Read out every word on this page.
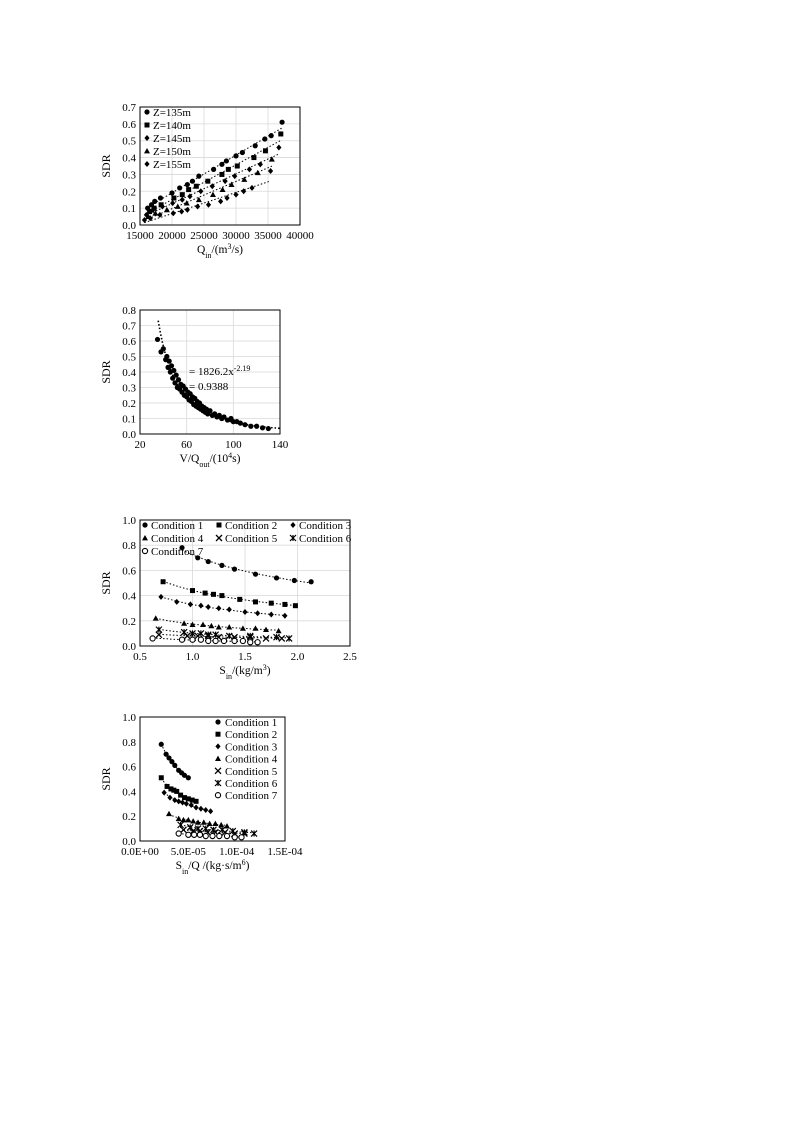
0.0
0.1
0.2
0.3
0.4
0.5
0.6
0.7
15000 20000 25000 30000 35000 40000
SDR
$Q_{in}/(m^3/s)$
Z=135m
Z=140m
Z=145m
Z=150m
Z=155m
0.0
0.1
0.2
0.3
0.4
0.5
0.6
0.7
0.8
20	60	100	140
SDR
$V/Q_{out}/(10^4s)$
= $1826.2x^{-2.19}$
= 0.9388
0.0
0.2
0.4
0.6
0.8
1.0
0.5	1.0	1.5	2.0	2.5
SDR
$S_{in}/(kg/m^3)$
Condition 1 Condition 2 Condition 3
Condition 4 Condition 5 Condition 6
Condition 7
0.0
0.2
0.4
0.6
0.8
1.0
0.0E+00 5.0E-05 1.0E-04 1.5E-04
SDR
$S_{in}/Q$ $/(kg\cdot s/m^6)$
Condition 1
Condition 2
Condition 3
Condition 4
Condition 5
Condition 6
Condition 7
